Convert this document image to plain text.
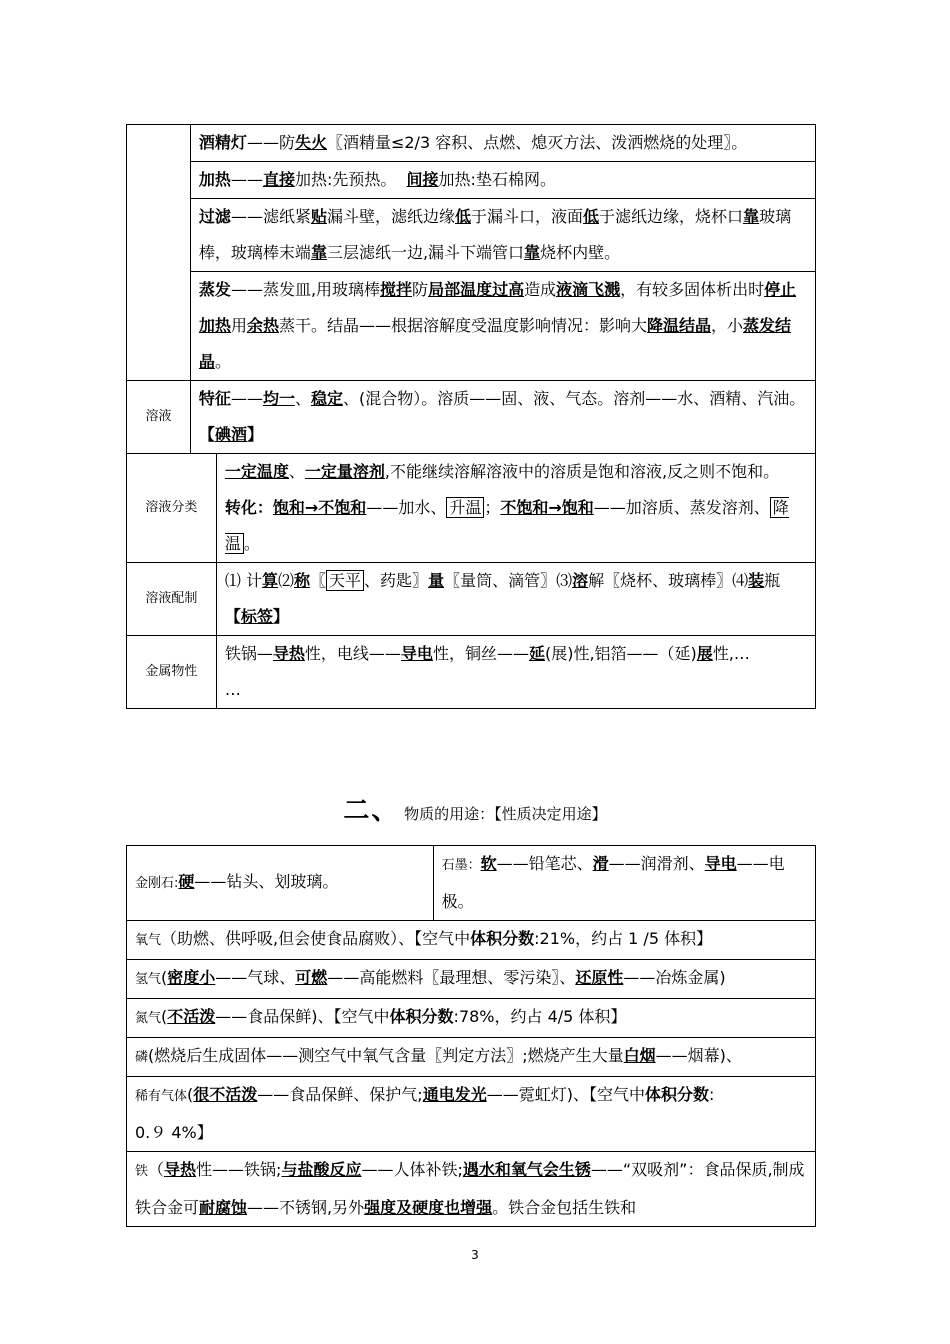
	酒精灯——防失火〖酒精量≤2/3 容积、点燃、熄灭方法、泼洒燃烧的处理〗。	
	加热——直接加热:先预热。  间接加热:垫石棉网。	
	过滤——滤纸紧贴漏斗壁，滤纸边缘低于漏斗口，液面低于滤纸边缘，烧杯口靠玻璃棒，玻璃棒末端靠三层滤纸一边,漏斗下端管口靠烧杯内壁。	
	蒸发——蒸发皿,用玻璃棒搅拌防局部温度过高造成液滴飞溅，有较多固体析出时停止加热用余热蒸干。结晶——根据溶解度受温度影响情况：影响大降温结晶，小蒸发结晶。	
溶液	特征——均一、稳定、(混合物）。溶质——固、液、气态。溶剂——水、酒精、汽油。【碘酒】	
溶液分类		一定温度、一定量溶剂,不能继续溶解溶液中的溶质是饱和溶液,反之则不饱和。
转化：饱和→不饱和——加水、 升温 ；不饱和→饱和——加溶质、蒸发溶剂、 降温 。
溶液配制		⑴ 计算⑵称〖 天平 、药匙〗量〖量筒、滴管〗⑶溶解〖烧杯、玻璃棒〗⑷装瓶【标签】
金属物性		铁锅—导热性，电线——导电性，铜丝——延(展)性,铝箔——（延)展性,…
…
二、 物质的用途：【性质决定用途】
金刚石:硬——钻头、划玻璃。	石墨：软——铅笔芯、滑——润滑剂、导电——电极。
氧气（助燃、供呼吸,但会使食品腐败）、【空气中体积分数:21%，约占 1 /5 体积】
氢气(密度小——气球、可燃——高能燃料〖最理想、零污染〗、还原性——冶炼金属)
氮气(不活泼——食品保鲜)、【空气中体积分数:78%，约占 4/5 体积】
磷(燃烧后生成固体——测空气中氧气含量〖判定方法〗;燃烧产生大量白烟——烟幕)、
稀有气体(很不活泼——食品保鲜、保护气;通电发光——霓虹灯)、【空气中体积分数:
0.９ 4%】
铁（导热性——铁锅;与盐酸反应——人体补铁;遇水和氧气会生锈——“双吸剂”：食品保质,制成铁合金可耐腐蚀——不锈钢,另外强度及硬度也增强。铁合金包括生铁和
3
